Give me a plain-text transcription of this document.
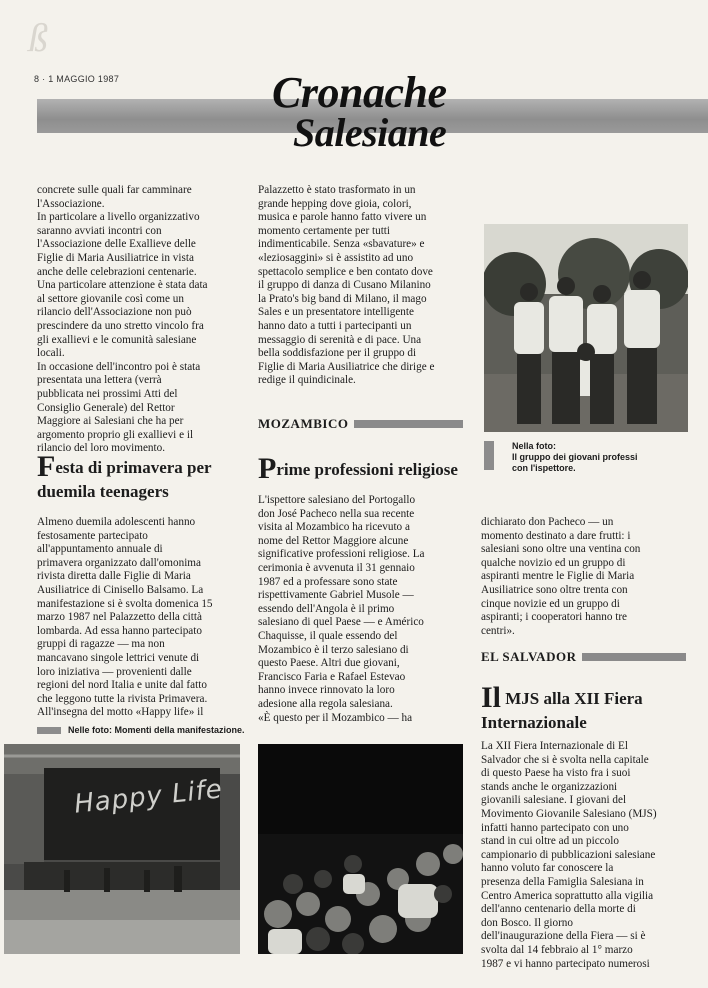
ß
8 · 1 MAGGIO 1987	Cronache
Salesiane
concrete sulle quali far camminare
l'Associazione.
In particolare a livello organizzativo
saranno avviati incontri con
l'Associazione delle Exallieve delle
Figlie di Maria Ausiliatrice in vista
anche delle celebrazioni centenarie.
Una particolare attenzione è stata data
al settore giovanile così come un
rilancio dell'Associazione non può
prescindere da uno stretto vincolo fra
gli exallievi e le comunità salesiane
locali.
In occasione dell'incontro poi è stata
presentata una lettera (verrà
pubblicata nei prossimi Atti del
Consiglio Generale) del Rettor
Maggiore ai Salesiani che ha per
argomento proprio gli exallievi e il
rilancio del loro movimento.
Festa di primavera per
duemila teenagers
Almeno duemila adolescenti hanno
festosamente partecipato
all'appuntamento annuale di
primavera organizzato dall'omonima
rivista diretta dalle Figlie di Maria
Ausiliatrice di Cinisello Balsamo. La
manifestazione si è svolta domenica 15
marzo 1987 nel Palazzetto della città
lombarda. Ad essa hanno partecipato
gruppi di ragazze — ma non
mancavano singole lettrici venute di
loro iniziativa — provenienti dalle
regioni del nord Italia e unite dal fatto
che leggono tutte la rivista Primavera.
All'insegna del motto «Happy life» il
Palazzetto è stato trasformato in un
grande hepping dove gioia, colori,
musica e parole hanno fatto vivere un
momento certamente per tutti
indimenticabile. Senza «sbavature» e
«leziosaggini» si è assistito ad uno
spettacolo semplice e ben contato dove
il gruppo di danza di Cusano Milanino
la Prato's big band di Milano, il mago
Sales e un presentatore intelligente
hanno dato a tutti i partecipanti un
messaggio di serenità e di pace. Una
bella soddisfazione per il gruppo di
Figlie di Maria Ausiliatrice che dirige e
redige il quindicinale.
MOZAMBICO
Prime professioni religiose
L'ispettore salesiano del Portogallo
don José Pacheco nella sua recente
visita al Mozambico ha ricevuto a
nome del Rettor Maggiore alcune
significative professioni religiose. La
cerimonia è avvenuta il 31 gennaio
1987 ed a professare sono state
rispettivamente Gabriel Musole —
essendo dell'Angola è il primo
salesiano di quel Paese — e Américo
Chaquisse, il quale essendo del
Mozambico è il terzo salesiano di
questo Paese. Altri due giovani,
Francisco Faria e Rafael Estevao
hanno invece rinnovato la loro
adesione alla regola salesiana.
«È questo per il Mozambico — ha
Nella foto:
Il gruppo dei giovani professi
con l'ispettore.
dichiarato don Pacheco — un
momento destinato a dare frutti: i
salesiani sono oltre una ventina con
qualche novizio ed un gruppo di
aspiranti mentre le Figlie di Maria
Ausiliatrice sono oltre trenta con
cinque novizie ed un gruppo di
aspiranti; i cooperatori hanno tre
centri».
EL SALVADOR
Il MJS alla XII Fiera
Internazionale
La XII Fiera Internazionale di El
Salvador che si è svolta nella capitale
di questo Paese ha visto fra i suoi
stands anche le organizzazioni
giovanili salesiane. I giovani del
Movimento Giovanile Salesiano (MJS)
infatti hanno partecipato con uno
stand in cui oltre ad un piccolo
campionario di pubblicazioni salesiane
hanno voluto far conoscere la
presenza della Famiglia Salesiana in
Centro America soprattutto alla vigilia
dell'anno centenario della morte di
don Bosco. Il giorno
dell'inaugurazione della Fiera — si è
svolta dal 14 febbraio al 1° marzo
1987 e vi hanno partecipato numerosi
Nelle foto: Momenti della manifestazione.
Happy Life
